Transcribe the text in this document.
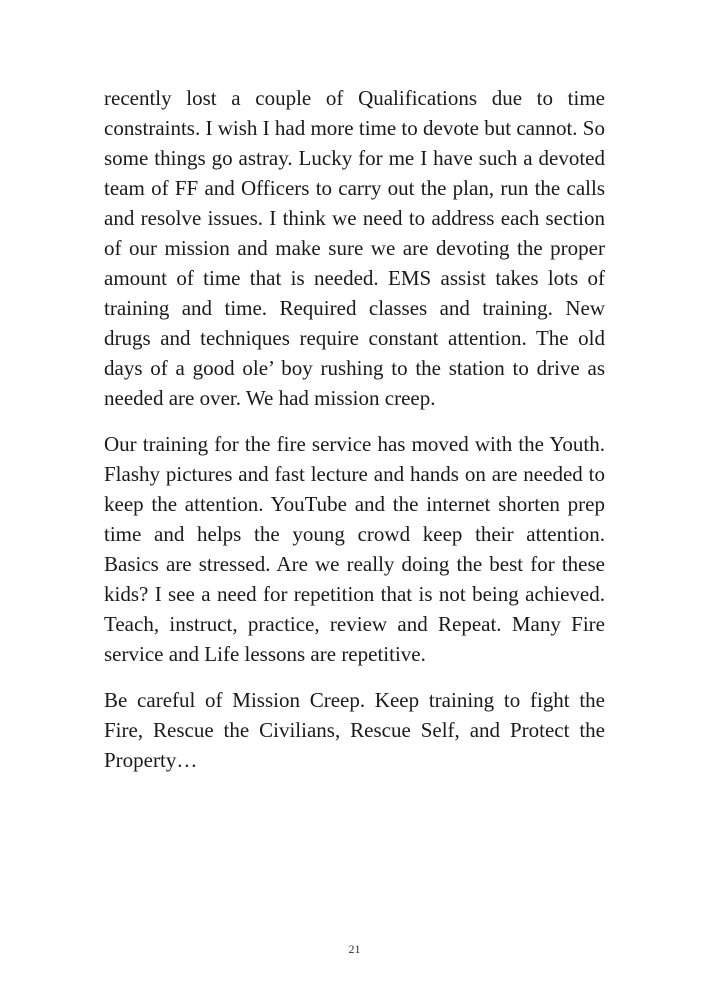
recently lost a couple of Qualifications due to time constraints. I wish I had more time to devote but cannot. So some things go astray. Lucky for me I have such a devoted team of FF and Officers to carry out the plan, run the calls and resolve issues. I think we need to address each section of our mission and make sure we are devoting the proper amount of time that is needed. EMS assist takes lots of training and time. Required classes and training. New drugs and techniques require constant attention. The old days of a good ole’ boy rushing to the station to drive as needed are over. We had mission creep.

Our training for the fire service has moved with the Youth. Flashy pictures and fast lecture and hands on are needed to keep the attention. YouTube and the internet shorten prep time and helps the young crowd keep their attention. Basics are stressed. Are we really doing the best for these kids? I see a need for repetition that is not being achieved. Teach, instruct, practice, review and Repeat. Many Fire service and Life lessons are repetitive.

Be careful of Mission Creep. Keep training to fight the Fire, Rescue the Civilians, Rescue Self, and Protect the Property…

21
